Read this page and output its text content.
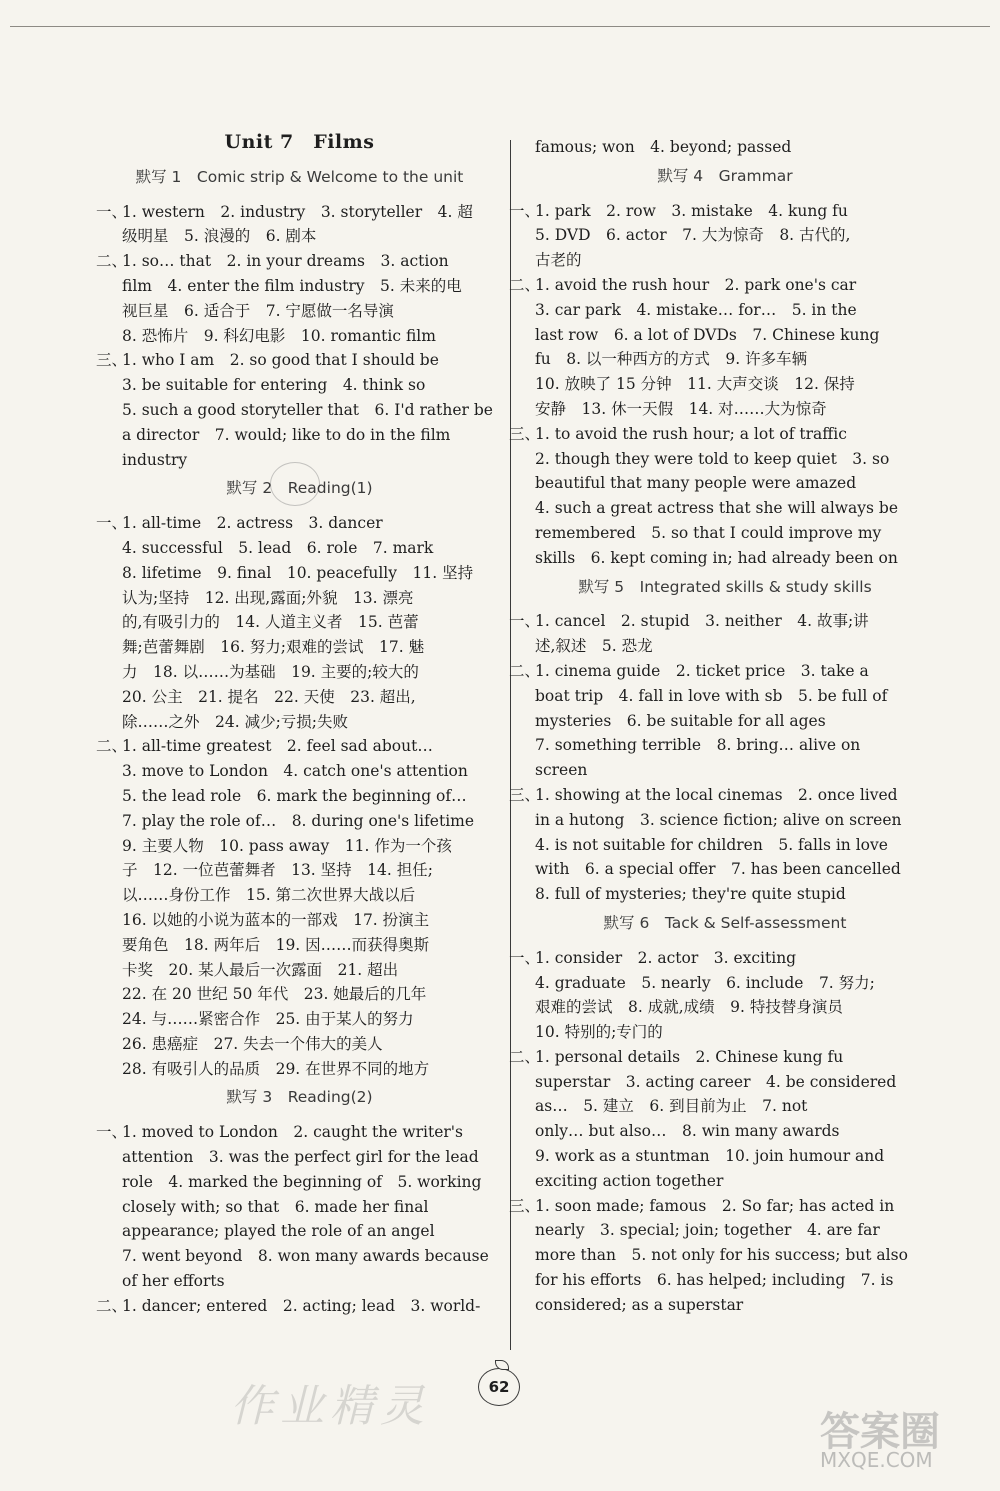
Unit 7　Films
默写 1　Comic strip & Welcome to the unit
一、
1. western　2. industry　3. storyteller　4. 超
级明星　5. 浪漫的　6. 剧本
二、
1. so… that　2. in your dreams　3. action
film　4. enter the film industry　5. 未来的电
视巨星　6. 适合于　7. 宁愿做一名导演
8. 恐怖片　9. 科幻电影　10. romantic film
三、
1. who I am　2. so good that I should be
3. be suitable for entering　4. think so
5. such a good storyteller that　6. I'd rather be
a director　7. would; like to do in the film
industry
默写 2　Reading(1)
一、
1. all-time　2. actress　3. dancer
4. successful　5. lead　6. role　7. mark
8. lifetime　9. final　10. peacefully　11. 坚持
认为;坚持　12. 出现,露面;外貌　13. 漂亮
的,有吸引力的　14. 人道主义者　15. 芭蕾
舞;芭蕾舞剧　16. 努力;艰难的尝试　17. 魅
力　18. 以……为基础　19. 主要的;较大的
20. 公主　21. 提名　22. 天使　23. 超出,
除……之外　24. 减少;亏损;失败
二、
1. all-time greatest　2. feel sad about…
3. move to London　4. catch one's attention
5. the lead role　6. mark the beginning of…
7. play the role of…　8. during one's lifetime
9. 主要人物　10. pass away　11. 作为一个孩
子　12. 一位芭蕾舞者　13. 坚持　14. 担任;
以……身份工作　15. 第二次世界大战以后
16. 以她的小说为蓝本的一部戏　17. 扮演主
要角色　18. 两年后　19. 因……而获得奥斯
卡奖　20. 某人最后一次露面　21. 超出
22. 在 20 世纪 50 年代　23. 她最后的几年
24. 与……紧密合作　25. 由于某人的努力
26. 患癌症　27. 失去一个伟大的美人
28. 有吸引人的品质　29. 在世界不同的地方
默写 3　Reading(2)
一、
1. moved to London　2. caught the writer's
attention　3. was the perfect girl for the lead
role　4. marked the beginning of　5. working
closely with; so that　6. made her final
appearance; played the role of an angel
7. went beyond　8. won many awards because
of her efforts
二、
1. dancer; entered　2. acting; lead　3. world-
famous; won　4. beyond; passed
默写 4　Grammar
一、
1. park　2. row　3. mistake　4. kung fu
5. DVD　6. actor　7. 大为惊奇　8. 古代的,
古老的
二、
1. avoid the rush hour　2. park one's car
3. car park　4. mistake… for…　5. in the
last row　6. a lot of DVDs　7. Chinese kung
fu　8. 以一种西方的方式　9. 许多车辆
10. 放映了 15 分钟　11. 大声交谈　12. 保持
安静　13. 休一天假　14. 对……大为惊奇
三、
1. to avoid the rush hour; a lot of traffic
2. though they were told to keep quiet　3. so
beautiful that many people were amazed
4. such a great actress that she will always be
remembered　5. so that I could improve my
skills　6. kept coming in; had already been on
默写 5　Integrated skills & study skills
一、
1. cancel　2. stupid　3. neither　4. 故事;讲
述,叙述　5. 恐龙
二、
1. cinema guide　2. ticket price　3. take a
boat trip　4. fall in love with sb　5. be full of
mysteries　6. be suitable for all ages
7. something terrible　8. bring… alive on
screen
三、
1. showing at the local cinemas　2. once lived
in a hutong　3. science fiction; alive on screen
4. is not suitable for children　5. falls in love
with　6. a special offer　7. has been cancelled
8. full of mysteries; they're quite stupid
默写 6　Tack & Self-assessment
一、
1. consider　2. actor　3. exciting
4. graduate　5. nearly　6. include　7. 努力;
艰难的尝试　8. 成就,成绩　9. 特技替身演员
10. 特别的;专门的
二、
1. personal details　2. Chinese kung fu
superstar　3. acting career　4. be considered
as…　5. 建立　6. 到目前为止　7. not
only… but also…　8. win many awards
9. work as a stuntman　10. join humour and
exciting action together
三、
1. soon made; famous　2. So far; has acted in
nearly　3. special; join; together　4. are far
more than　5. not only for his success; but also
for his efforts　6. has helped; including　7. is
considered; as a superstar
62
作业精灵	答案圈
MXQE.COM
